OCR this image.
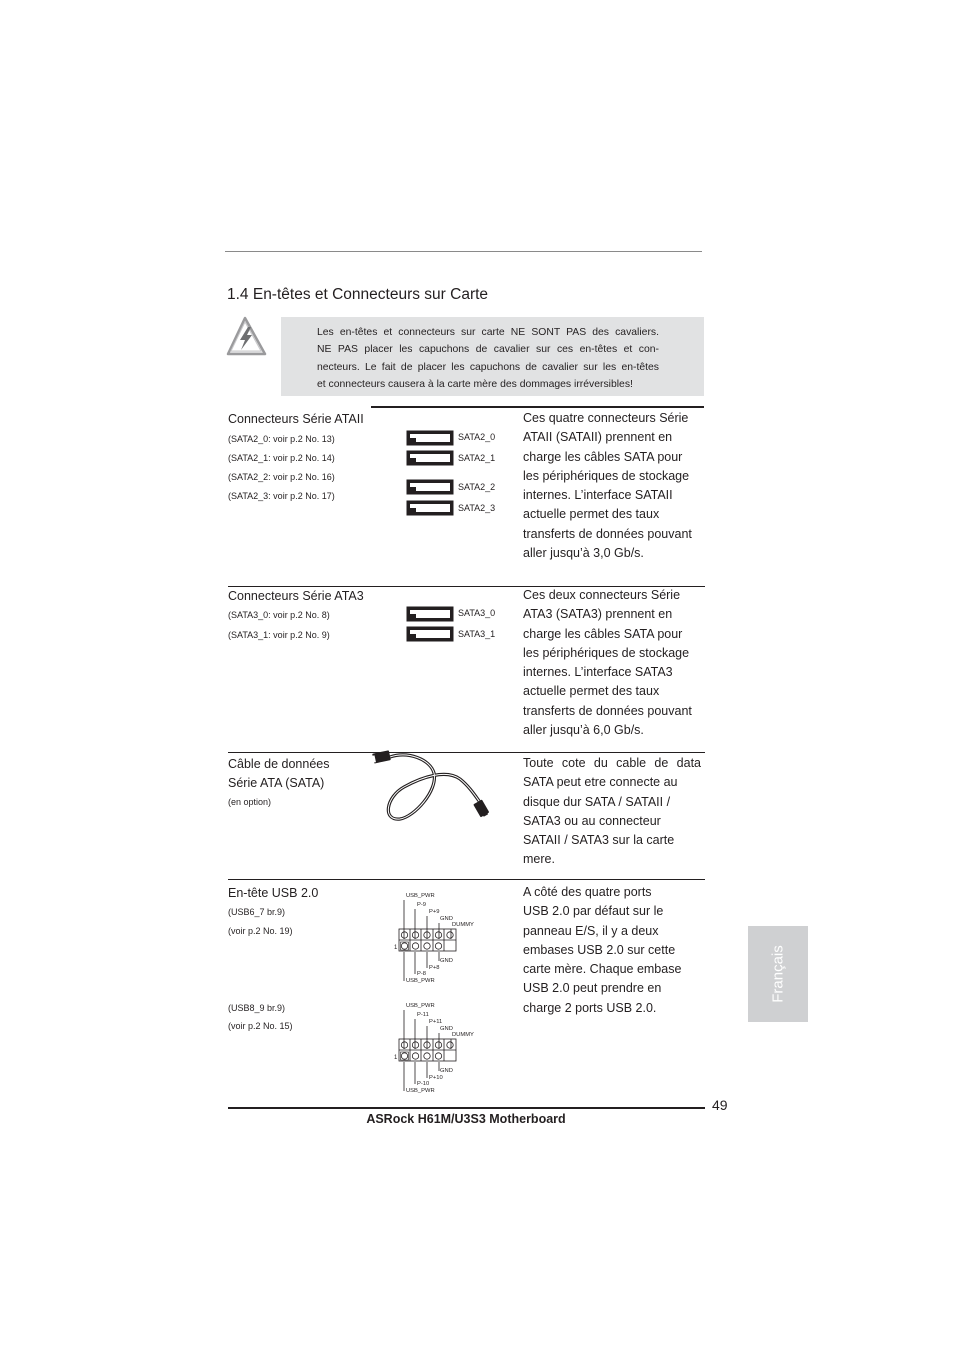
1.4 En-têtes et Connecteurs sur Carte
Les en-têtes et connecteurs sur carte NE SONT PAS des cavaliers.
NE PAS placer les capuchons de cavalier sur ces en-têtes et con-
necteurs. Le fait de placer les capuchons de cavalier sur les en-têtes
et connecteurs causera à la carte mère des dommages irréversibles!
Connecteurs Série ATAII
(SATA2_0: voir p.2 No. 13)
(SATA2_1: voir p.2 No. 14)
(SATA2_2: voir p.2 No. 16)
(SATA2_3: voir p.2 No. 17)
SATA2_0
SATA2_1
SATA2_2
SATA2_3
Ces quatre connecteurs Série
ATAII (SATAII) prennent en
charge les câbles SATA pour
les périphériques de stockage
internes. L’interface SATAII
actuelle permet des taux
transferts de données pouvant
aller jusqu’à 3,0 Gb/s.
Connecteurs Série ATA3
(SATA3_0: voir p.2 No. 8)
(SATA3_1: voir p.2 No. 9)
SATA3_0
SATA3_1
Ces deux connecteurs Série
ATA3 (SATA3) prennent en
charge les câbles SATA pour
les périphériques de stockage
internes. L’interface SATA3
actuelle permet des taux
transferts de données pouvant
aller jusqu’à 6,0 Gb/s.
Câble de données
Série ATA (SATA)
(en option)
Toute cote du cable de data
SATA peut etre connecte au
disque dur SATA / SATAII /
SATA3 ou au connecteur
SATAII / SATA3 sur la carte
mere.
En-tête USB 2.0
(USB6_7 br.9)
(voir p.2 No. 19)
(USB8_9 br.9)
(voir p.2 No. 15)
1
USB_PWR
P-9
P+9
GND
DUMMY
GND
P+8
P-8
USB_PWR
1
USB_PWR
P-11
P+11
GND
DUMMY
GND
P+10
P-10
USB_PWR
A côté des quatre ports
USB 2.0 par défaut sur le
panneau E/S, il y a deux
embases USB 2.0 sur cette
carte mère. Chaque embase
USB 2.0 peut prendre en
charge 2 ports USB 2.0.
Français
49
ASRock H61M/U3S3 Motherboard
